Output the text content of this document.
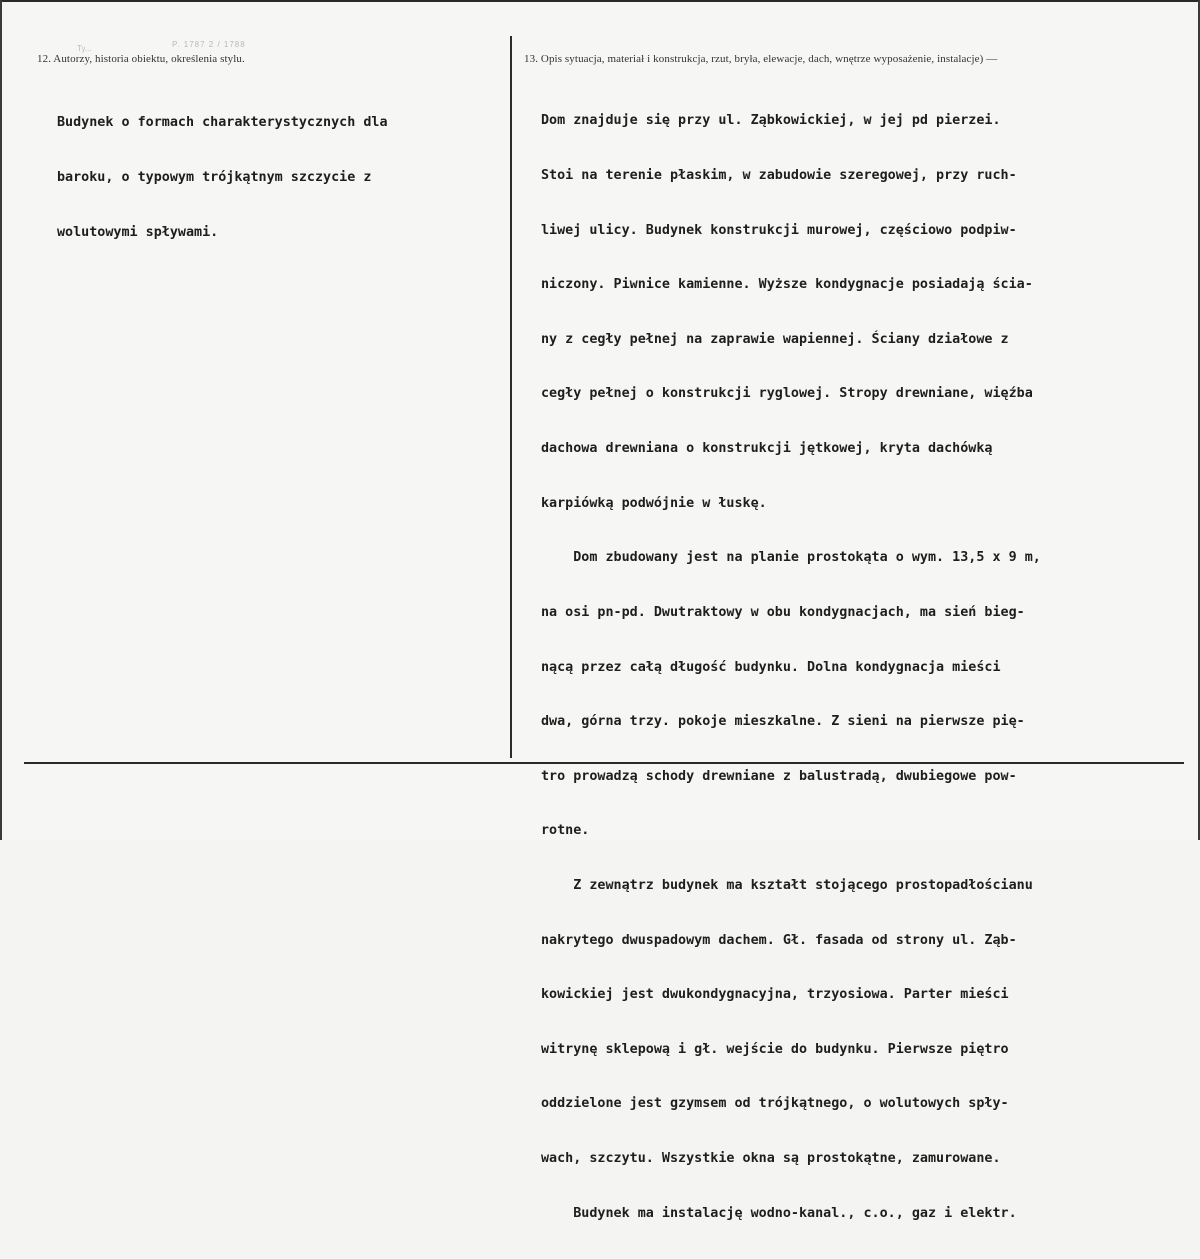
Ty...	P. 1787 2 / 1788
12. Autorzy, historia obiektu, określenia stylu.	13. Opis sytuacja, materiał i konstrukcja, rzut, bryła, elewacje, dach, wnętrze wyposażenie, instalacje) —

Budynek o formach charakterystycznych dla

baroku, o typowym trójkątnym szczycie z

wolutowymi spływami.

Dom znajduje się przy ul. Ząbkowickiej, w jej pd pierzei.

Stoi na terenie płaskim, w zabudowie szeregowej, przy ruch-

liwej ulicy. Budynek konstrukcji murowej, częściowo podpiw-

niczony. Piwnice kamienne. Wyższe kondygnacje posiadają ścia-

ny z cegły pełnej na zaprawie wapiennej. Ściany działowe z

cegły pełnej o konstrukcji ryglowej. Stropy drewniane, więźba

dachowa drewniana o konstrukcji jętkowej, kryta dachówką

karpiówką podwójnie w łuskę.

Dom zbudowany jest na planie prostokąta o wym. 13,5 x 9 m,

na osi pn-pd. Dwutraktowy w obu kondygnacjach, ma sień bieg-

nącą przez całą długość budynku. Dolna kondygnacja mieści

dwa, górna trzy. pokoje mieszkalne. Z sieni na pierwsze pię-

tro prowadzą schody drewniane z balustradą, dwubiegowe pow-

rotne.

Z zewnątrz budynek ma kształt stojącego prostopadłościanu

nakrytego dwuspadowym dachem. Gł. fasada od strony ul. Ząb-

kowickiej jest dwukondygnacyjna, trzyosiowa. Parter mieści

witrynę sklepową i gł. wejście do budynku. Pierwsze piętro

oddzielone jest gzymsem od trójkątnego, o wolutowych spły-

wach, szczytu. Wszystkie okna są prostokątne, zamurowane.

Budynek ma instalację wodno-kanal., c.o., gaz i elektr.
